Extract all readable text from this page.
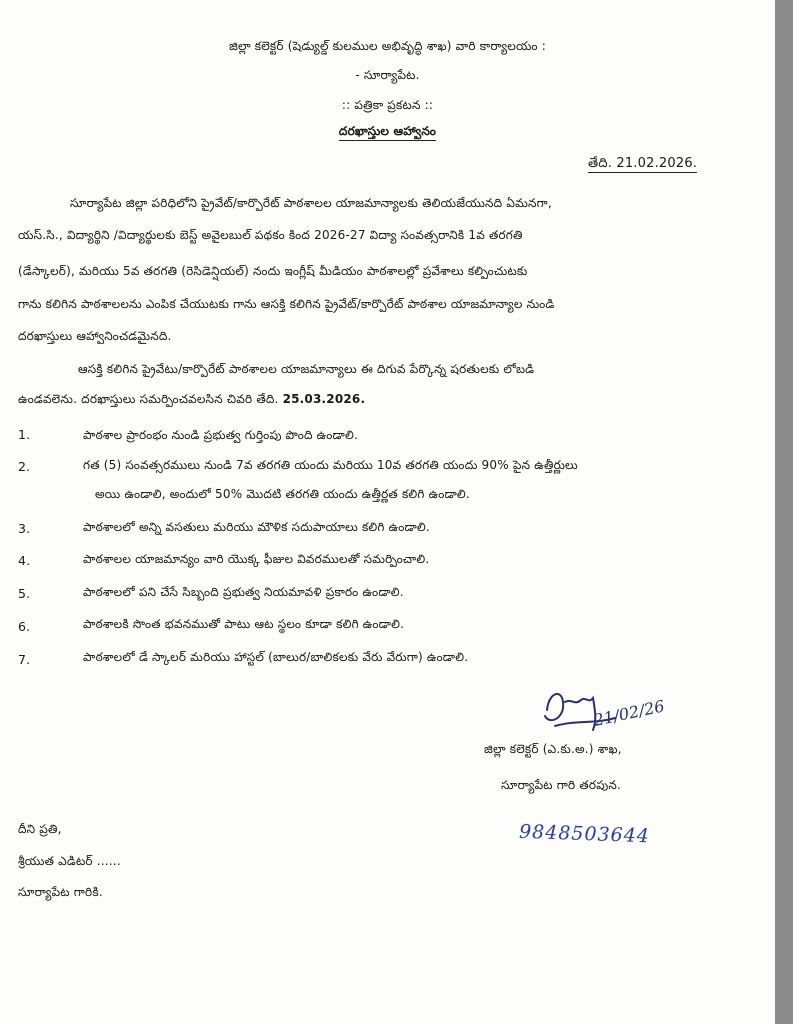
జిల్లా కలెక్టర్ (షెడ్యుల్డ్ కులముల అభివృద్ధి శాఖ) వారి కార్యాలయం :
- సూర్యాపేట.
:: పత్రికా ప్రకటన ::
దరఖాస్తుల ఆహ్వానం
తేది. 21.02.2026.
సూర్యాపేట జిల్లా పరిధిలోని ప్రైవేట్/కార్పొరేట్ పాఠశాలల యాజమాన్యాలకు తెలియజేయునది ఏమనగా,
యస్.సి., విద్యార్థిని /విద్యార్థులకు బెస్ట్ అవైలబుల్ పథకం కింద 2026-27 విద్యా సంవత్సరానికి 1వ తరగతి
(డేస్కాలర్), మరియు 5వ తరగతి (రెసిడెన్షియల్) నందు ఇంగ్లీష్ మీడియం పాఠశాలల్లో ప్రవేశాలు కల్పించుటకు
గాను కలిగిన పాఠశాలలను ఎంపిక చేయుటకు గాను ఆసక్తి కలిగిన ప్రైవేట్/కార్పొరేట్ పాఠశాల యాజమాన్యాల నుండి
దరఖాస్తులు ఆహ్వానించడమైనది.
ఆసక్తి కలిగిన ప్రైవేటు/కార్పొరేట్ పాఠశాలల యాజమాన్యాలు ఈ దిగువ పేర్కొన్న షరతులకు లోబడి
ఉండవలెను. దరఖాస్తులు సమర్పించవలసిన చివరి తేది. 25.03.2026.
1.	పాఠశాల ప్రారంభం నుండి ప్రభుత్వ గుర్తింపు పొంది ఉండాలి.
2.	గత (5) సంవత్సరములు నుండి 7వ తరగతి యందు మరియు 10వ తరగతి యందు 90% పైన ఉత్తీర్ణులు
అయి ఉండాలి, అందులో 50% మొదటి తరగతి యందు ఉత్తీర్ణత కలిగి ఉండాలి.
3.	పాఠశాలలో అన్ని వసతులు మరియు మౌళిక సదుపాయాలు కలిగి ఉండాలి.
4.	పాఠశాలల యాజమాన్యం వారి యొక్క ఫీజుల వివరములతో సమర్పించాలి.
5.	పాఠశాలలో పని చేసే సిబ్బంది ప్రభుత్వ నియమావళి ప్రకారం ఉండాలి.
6.	పాఠశాలకి సొంత భవనముతో పాటు ఆట స్థలం కూడా కలిగి ఉండాలి.
7.	పాఠశాలలో డే స్కాలర్ మరియు హాస్టల్ (బాలుర/బాలికలకు వేరు వేరుగా) ఉండాలి.
21/02/26
జిల్లా కలెక్టర్ (ఎ.కు.అ.) శాఖ,
సూర్యాపేట గారి తరపున.
9848503644
దీని ప్రతి,
శ్రీయుత ఎడిటర్ ......
సూర్యాపేట గారికి.
